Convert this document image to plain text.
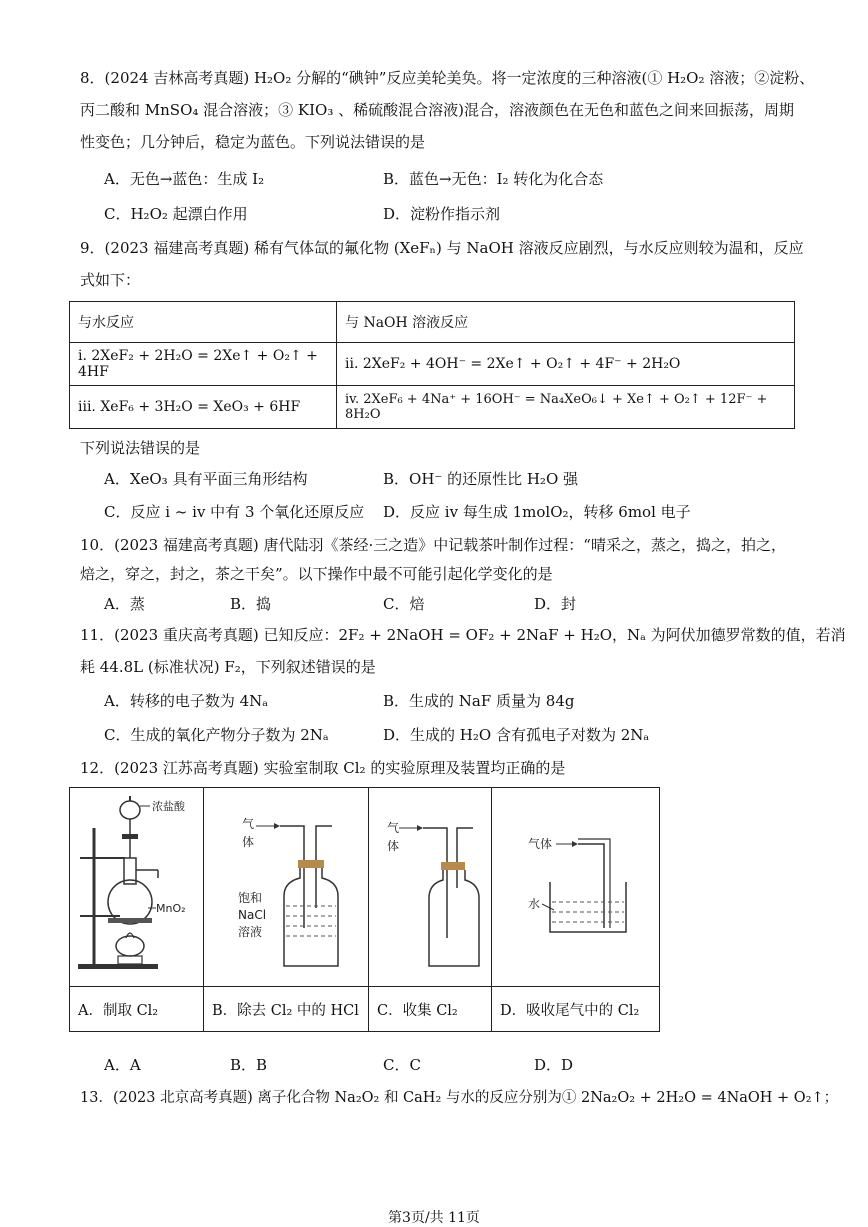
8．(2024 吉林高考真题) H₂O₂ 分解的“碘钟”反应美轮美奂。将一定浓度的三种溶液(① H₂O₂ 溶液；②淀粉、
丙二酸和 MnSO₄ 混合溶液；③ KIO₃ 、稀硫酸混合溶液)混合，溶液颜色在无色和蓝色之间来回振荡，周期
性变色；几分钟后，稳定为蓝色。下列说法错误的是
A．无色→蓝色：生成 I₂	B．蓝色→无色：I₂ 转化为化合态
C．H₂O₂ 起漂白作用	D．淀粉作指示剂
9．(2023 福建高考真题) 稀有气体氙的氟化物 (XeFₙ) 与 NaOH 溶液反应剧烈，与水反应则较为温和，反应
式如下：
与水反应	与 NaOH 溶液反应
i. 2XeF₂ + 2H₂O = 2Xe↑ + O₂↑ + 4HF	ii. 2XeF₂ + 4OH⁻ = 2Xe↑ + O₂↑ + 4F⁻ + 2H₂O
iii. XeF₆ + 3H₂O = XeO₃ + 6HF	iv. 2XeF₆ + 4Na⁺ + 16OH⁻ = Na₄XeO₆↓ + Xe↑ + O₂↑ + 12F⁻ + 8H₂O
下列说法错误的是
A．XeO₃ 具有平面三角形结构	B．OH⁻ 的还原性比 H₂O 强
C．反应 i ~ iv 中有 3 个氧化还原反应 D．反应 iv 每生成 1molO₂，转移 6mol 电子
10．(2023 福建高考真题) 唐代陆羽《茶经·三之造》中记载茶叶制作过程：“晴采之，蒸之，捣之，拍之，
焙之，穿之，封之，茶之干矣”。以下操作中最不可能引起化学变化的是
A．蒸	B．捣	C．焙	D．封
11．(2023 重庆高考真题) 已知反应：2F₂ + 2NaOH = OF₂ + 2NaF + H₂O，Nₐ 为阿伏加德罗常数的值，若消
耗 44.8L (标准状况) F₂，下列叙述错误的是
A．转移的电子数为 4Nₐ	B．生成的 NaF 质量为 84g
C．生成的氧化产物分子数为 2Nₐ	D．生成的 H₂O 含有孤电子对数为 2Nₐ
12．(2023 江苏高考真题) 实验室制取 Cl₂ 的实验原理及装置均正确的是
浓盐酸
MnO₂	气
体
饱和
NaCl
溶液	气
体	气体
水

A．制取 Cl₂	B．除去 Cl₂ 中的 HCl	C．收集 Cl₂	D．吸收尾气中的 Cl₂
A．A	B．B	C．C	D．D
13．(2023 北京高考真题) 离子化合物 Na₂O₂ 和 CaH₂ 与水的反应分别为① 2Na₂O₂ + 2H₂O = 4NaOH + O₂↑；
第3页/共 11页
